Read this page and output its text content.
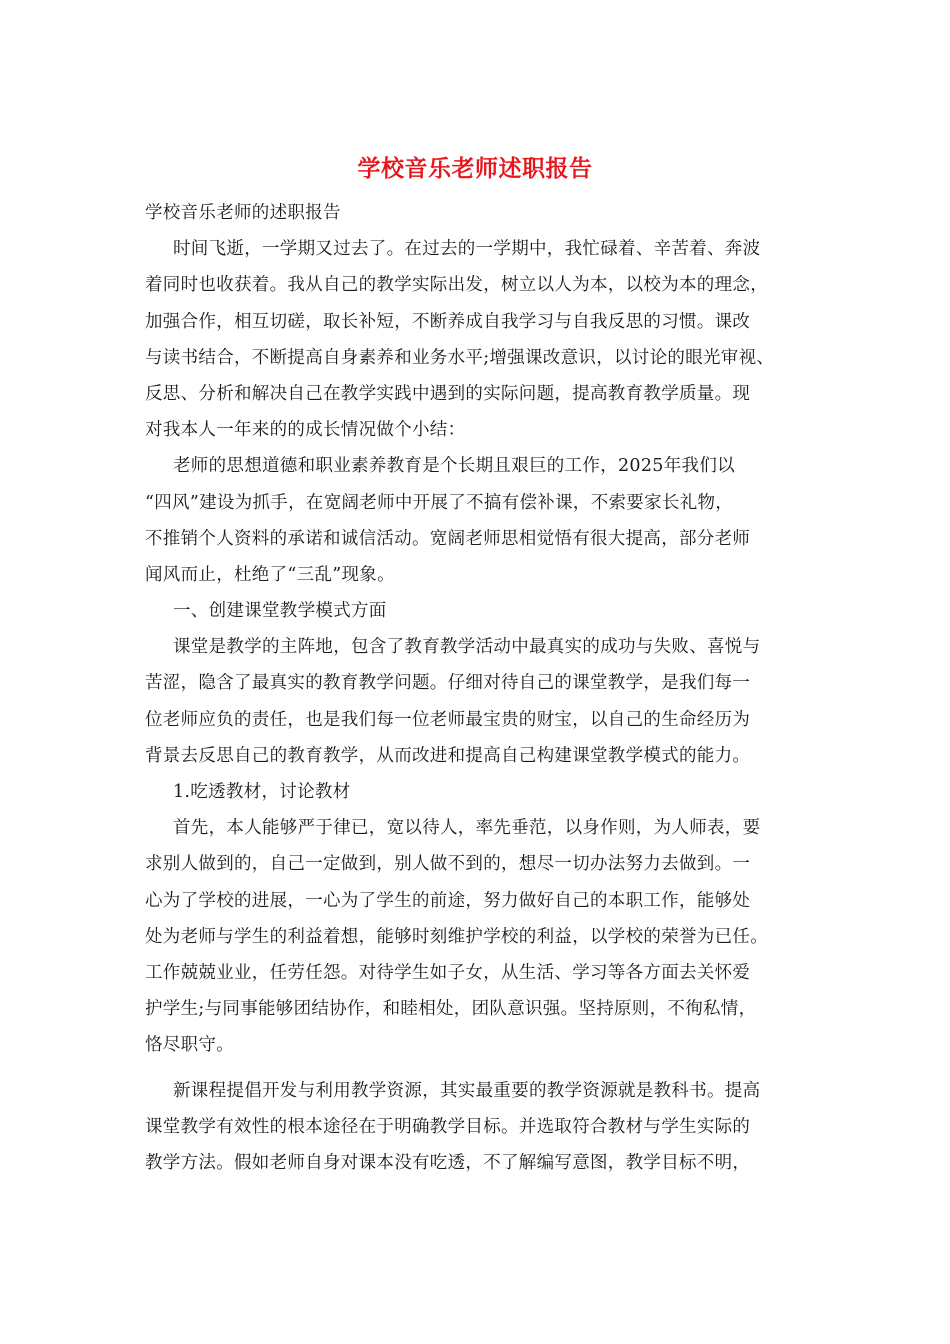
学校音乐老师述职报告
学校音乐老师的述职报告
时间飞逝，一学期又过去了。在过去的一学期中，我忙碌着、辛苦着、奔波
着同时也收获着。我从自己的教学实际出发，树立以人为本，以校为本的理念，
加强合作，相互切磋，取长补短，不断养成自我学习与自我反思的习惯。课改
与读书结合，不断提高自身素养和业务水平;增强课改意识，以讨论的眼光审视、
反思、分析和解决自己在教学实践中遇到的实际问题，提高教育教学质量。现
对我本人一年来的的成长情况做个小结：
老师的思想道德和职业素养教育是个长期且艰巨的工作，2025年我们以
“四风”建设为抓手，在宽阔老师中开展了不搞有偿补课，不索要家长礼物，
不推销个人资料的承诺和诚信活动。宽阔老师思相觉悟有很大提高，部分老师
闻风而止，杜绝了“三乱”现象。
一、创建课堂教学模式方面
课堂是教学的主阵地，包含了教育教学活动中最真实的成功与失败、喜悦与
苦涩，隐含了最真实的教育教学问题。仔细对待自己的课堂教学，是我们每一
位老师应负的责任，也是我们每一位老师最宝贵的财宝，以自己的生命经历为
背景去反思自己的教育教学，从而改进和提高自己构建课堂教学模式的能力。
1.吃透教材，讨论教材
首先，本人能够严于律已，宽以待人，率先垂范，以身作则，为人师表，要
求别人做到的，自己一定做到，别人做不到的，想尽一切办法努力去做到。一
心为了学校的进展，一心为了学生的前途，努力做好自己的本职工作，能够处
处为老师与学生的利益着想，能够时刻维护学校的利益，以学校的荣誉为已任。
工作兢兢业业，任劳任怨。对待学生如子女，从生活、学习等各方面去关怀爱
护学生;与同事能够团结协作，和睦相处，团队意识强。坚持原则，不徇私情，
恪尽职守。
新课程提倡开发与利用教学资源，其实最重要的教学资源就是教科书。提高
课堂教学有效性的根本途径在于明确教学目标。并选取符合教材与学生实际的
教学方法。假如老师自身对课本没有吃透，不了解编写意图，教学目标不明，
